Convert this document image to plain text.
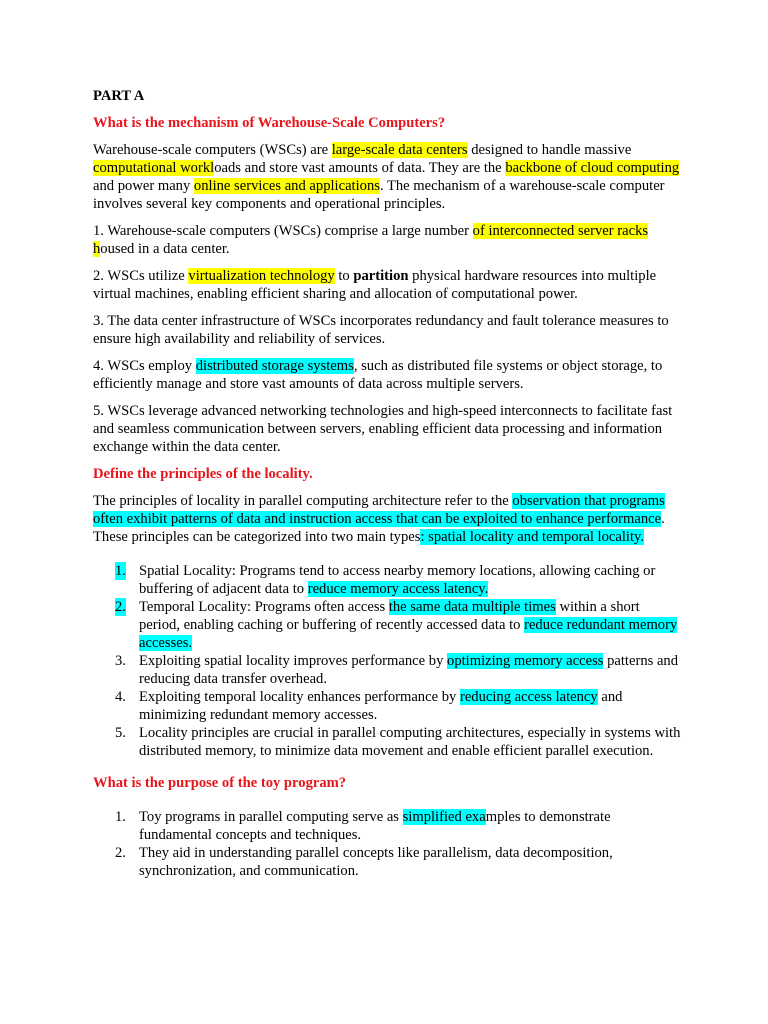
PART A
What is the mechanism of Warehouse-Scale Computers?

Warehouse-scale computers (WSCs) are large-scale data centers designed to handle massive computational workloads and store vast amounts of data. They are the backbone of cloud computing and power many online services and applications. The mechanism of a warehouse-scale computer involves several key components and operational principles.

1. Warehouse-scale computers (WSCs) comprise a large number of interconnected server racks housed in a data center.

2. WSCs utilize virtualization technology to partition physical hardware resources into multiple virtual machines, enabling efficient sharing and allocation of computational power.

3. The data center infrastructure of WSCs incorporates redundancy and fault tolerance measures to ensure high availability and reliability of services.

4. WSCs employ distributed storage systems, such as distributed file systems or object storage, to efficiently manage and store vast amounts of data across multiple servers.

5. WSCs leverage advanced networking technologies and high-speed interconnects to facilitate fast and seamless communication between servers, enabling efficient data processing and information exchange within the data center.

Define the principles of the locality.

The principles of locality in parallel computing architecture refer to the observation that programs often exhibit patterns of data and instruction access that can be exploited to enhance performance. These principles can be categorized into two main types: spatial locality and temporal locality.

1. Spatial Locality: Programs tend to access nearby memory locations, allowing caching or buffering of adjacent data to reduce memory access latency.
2. Temporal Locality: Programs often access the same data multiple times within a short period, enabling caching or buffering of recently accessed data to reduce redundant memory accesses.
3. Exploiting spatial locality improves performance by optimizing memory access patterns and reducing data transfer overhead.
4. Exploiting temporal locality enhances performance by reducing access latency and minimizing redundant memory accesses.
5. Locality principles are crucial in parallel computing architectures, especially in systems with distributed memory, to minimize data movement and enable efficient parallel execution.
What is the purpose of the toy program?
1. Toy programs in parallel computing serve as simplified examples to demonstrate fundamental concepts and techniques.
2. They aid in understanding parallel concepts like parallelism, data decomposition, synchronization, and communication.
